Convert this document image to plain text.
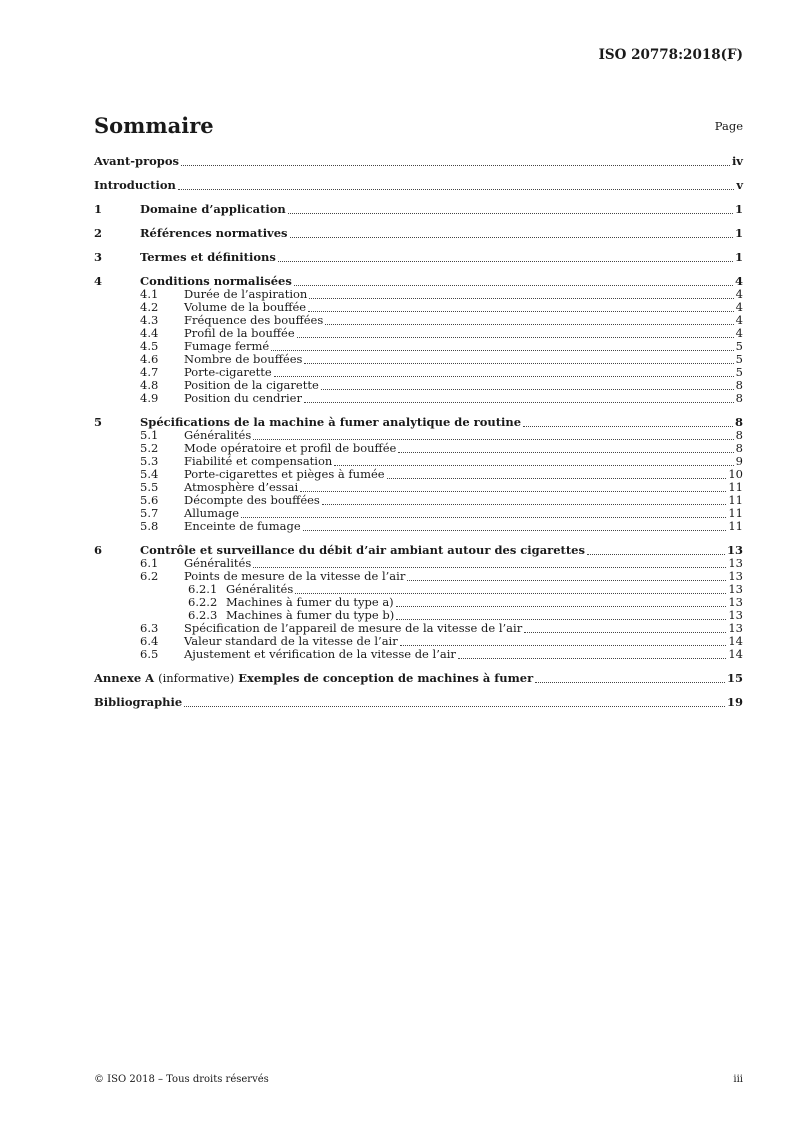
ISO 20778:2018(F)
Sommaire	Page
Avant-propos	iv
Introduction	v
1	Domaine d’application	1
2	Références normatives	1
3	Termes et définitions	1
4	Conditions normalisées	4
4.1	Durée de l’aspiration	4
4.2	Volume de la bouffée	4
4.3	Fréquence des bouffées	4
4.4	Profil de la bouffée	4
4.5	Fumage fermé	5
4.6	Nombre de bouffées	5
4.7	Porte-cigarette	5
4.8	Position de la cigarette	8
4.9	Position du cendrier	8
5	Spécifications de la machine à fumer analytique de routine	8
5.1	Généralités	8
5.2	Mode opératoire et profil de bouffée	8
5.3	Fiabilité et compensation	9
5.4	Porte-cigarettes et pièges à fumée	10
5.5	Atmosphère d’essai	11
5.6	Décompte des bouffées	11
5.7	Allumage	11
5.8	Enceinte de fumage	11
6	Contrôle et surveillance du débit d’air ambiant autour des cigarettes	13
6.1	Généralités	13
6.2	Points de mesure de la vitesse de l’air	13
6.2.1 Généralités	13
6.2.2 Machines à fumer du type a)	13
6.2.3 Machines à fumer du type b)	13
6.3	Spécification de l’appareil de mesure de la vitesse de l’air	13
6.4	Valeur standard de la vitesse de l’air	14
6.5	Ajustement et vérification de la vitesse de l’air	14
Annexe A (informative) Exemples de conception de machines à fumer	15
Bibliographie	19
© ISO 2018 – Tous droits réservés	iii
